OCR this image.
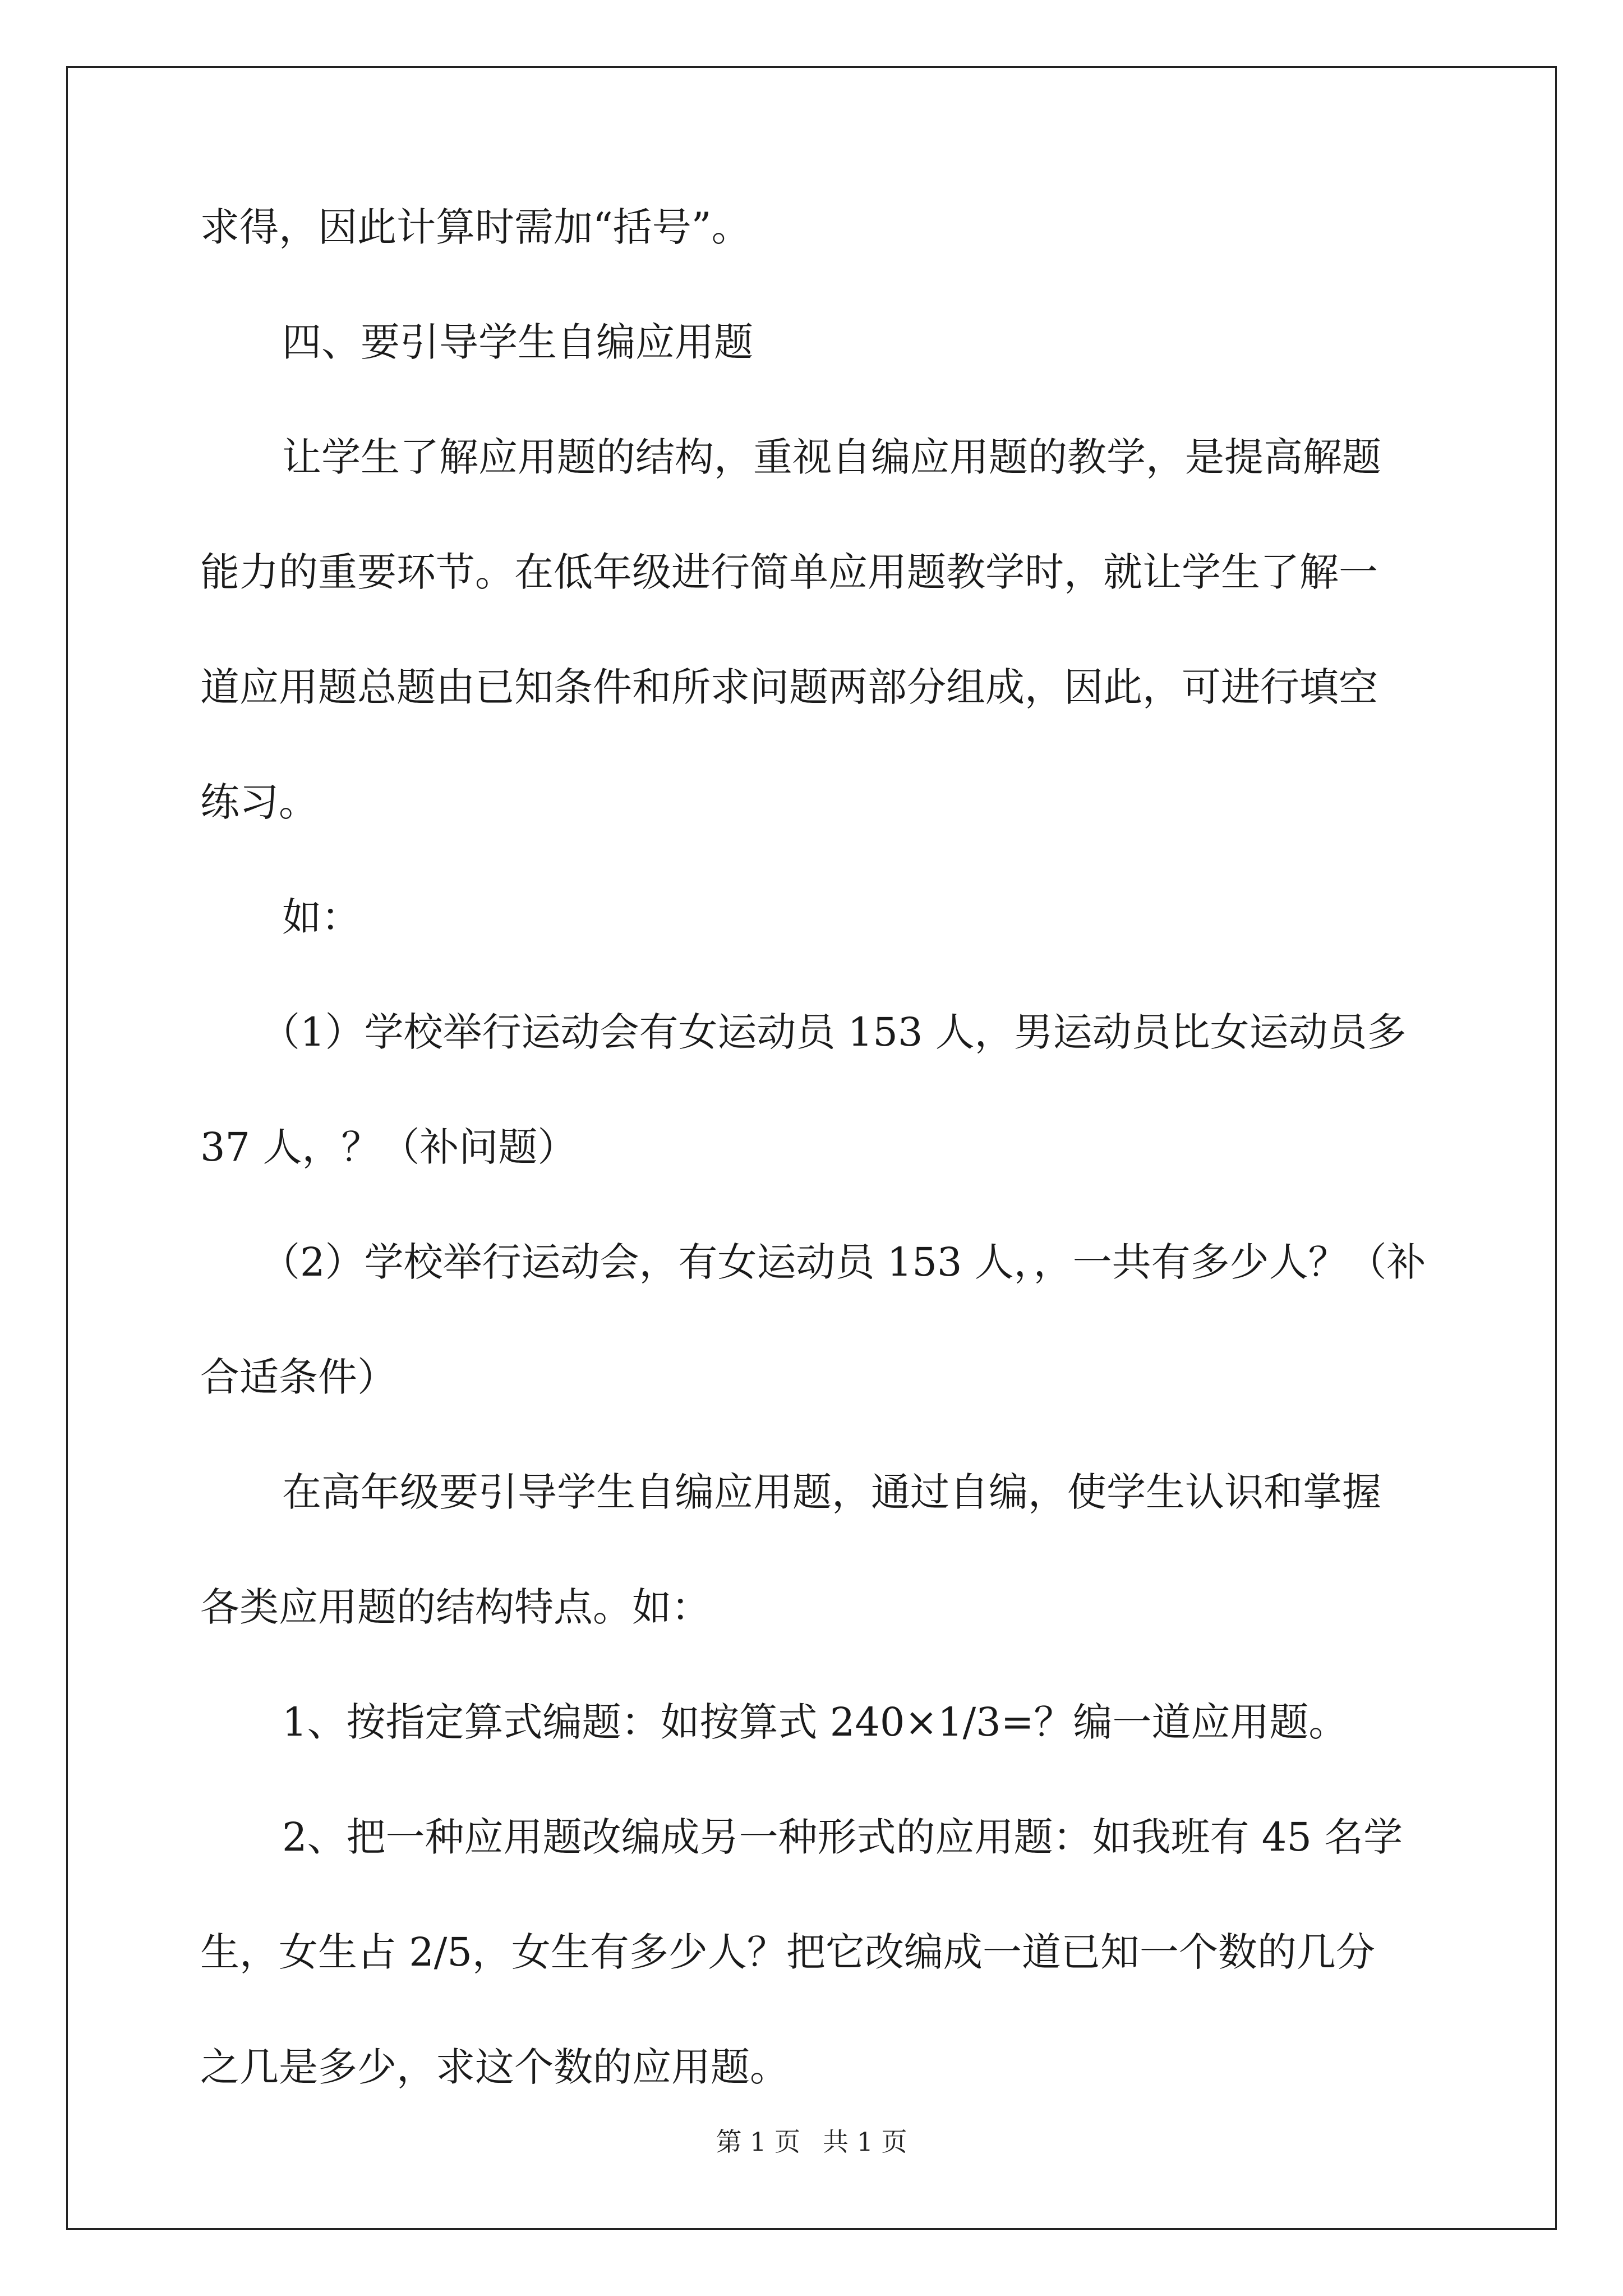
求得，因此计算时需加“括号”。
四、要引导学生自编应用题
让学生了解应用题的结构，重视自编应用题的教学，是提高解题
能力的重要环节。在低年级进行简单应用题教学时，就让学生了解一
道应用题总题由已知条件和所求问题两部分组成，因此，可进行填空
练习。
如：
（1）学校举行运动会有女运动员 153 人，男运动员比女运动员多
37 人，？（补问题）
（2）学校举行运动会，有女运动员 153 人，，一共有多少人？（补
合适条件）
在高年级要引导学生自编应用题，通过自编，使学生认识和掌握
各类应用题的结构特点。如：
1、按指定算式编题：如按算式 240×1/3=？编一道应用题。
2、把一种应用题改编成另一种形式的应用题：如我班有 45 名学
生，女生占 2/5，女生有多少人？把它改编成一道已知一个数的几分
之几是多少，求这个数的应用题。
第 1 页 共 1 页
